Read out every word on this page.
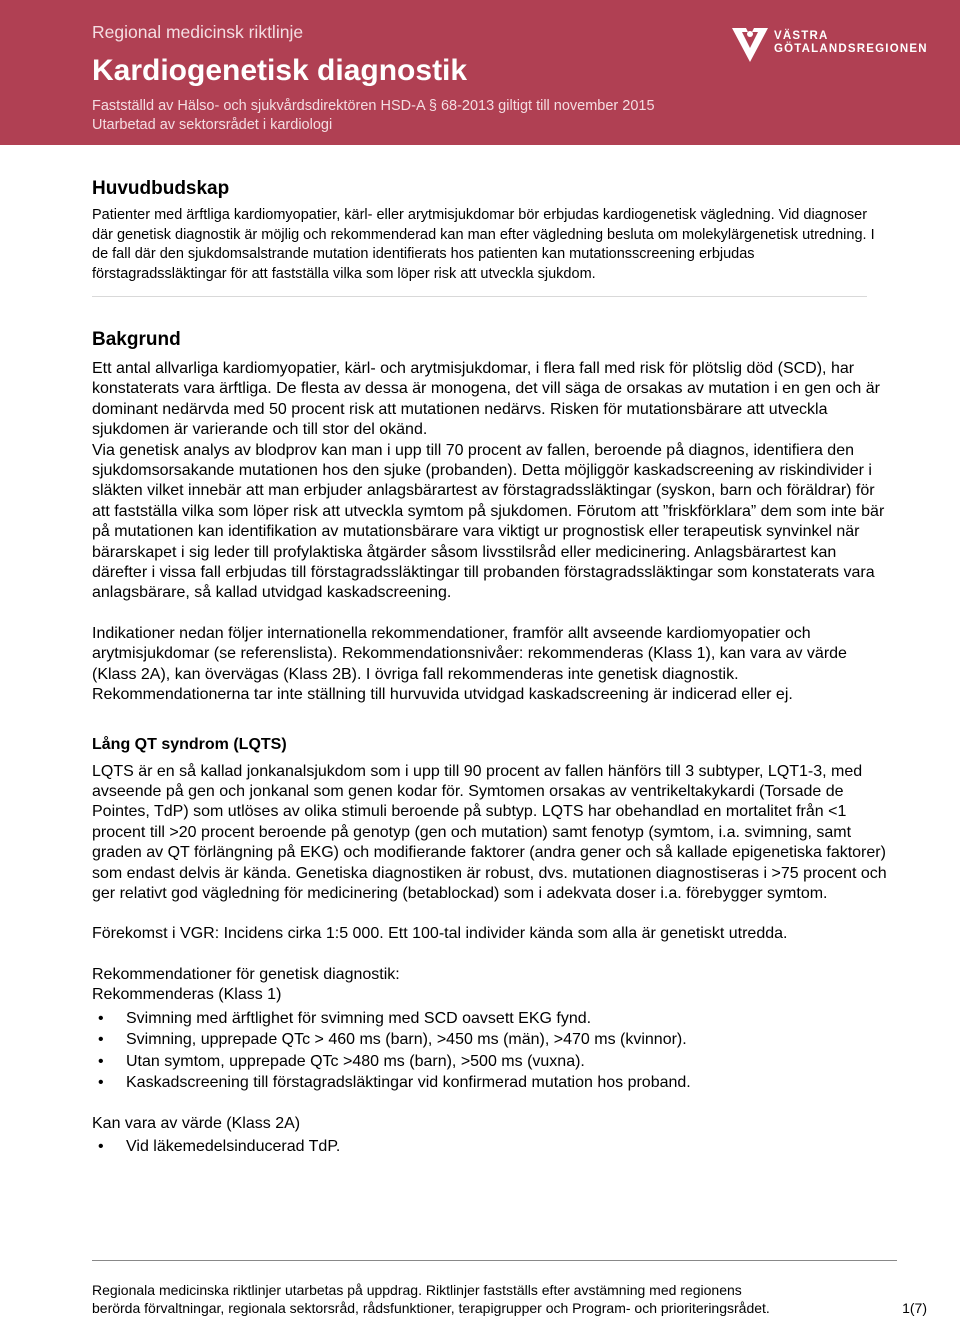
Regional medicinsk riktlinje
Kardiogenetisk diagnostik
Fastställd av Hälso- och sjukvårdsdirektören HSD-A § 68-2013 giltigt till november 2015
Utarbetad av sektorsrådet i kardiologi
VÄSTRA
GÖTALANDSREGIONEN
Huvudbudskap
Patienter med ärftliga kardiomyopatier, kärl- eller arytmisjukdomar bör erbjudas kardiogenetisk vägledning. Vid diagnoser där genetisk diagnostik är möjlig och rekommenderad kan man efter vägledning besluta om molekylärgenetisk utredning. I de fall där den sjukdomsalstrande mutation identifierats hos patienten kan mutationsscreening erbjudas förstagradssläktingar för att fastställa vilka som löper risk att utveckla sjukdom.
Bakgrund

Ett antal allvarliga kardiomyopatier, kärl- och arytmisjukdomar, i flera fall med risk för plötslig död (SCD), har konstaterats vara ärftliga. De flesta av dessa är monogena, det vill säga de orsakas av mutation i en gen och är dominant nedärvda med 50 procent risk att mutationen nedärvs. Risken för mutationsbärare att utveckla sjukdomen är varierande och till stor del okänd.

Via genetisk analys av blodprov kan man i upp till 70 procent av fallen, beroende på diagnos, identifiera den sjukdomsorsakande mutationen hos den sjuke (probanden). Detta möjliggör kaskadscreening av riskindivider i släkten vilket innebär att man erbjuder anlagsbärartest av förstagradssläktingar (syskon, barn och föräldrar) för att fastställa vilka som löper risk att utveckla symtom på sjukdomen. Förutom att ”friskförklara” dem som inte bär på mutationen kan identifikation av mutationsbärare vara viktigt ur prognostisk eller terapeutisk synvinkel när bärarskapet i sig leder till profylaktiska åtgärder såsom livsstilsråd eller medicinering. Anlagsbärartest kan därefter i vissa fall erbjudas till förstagradssläktingar till probanden förstagradssläktingar som konstaterats vara anlagsbärare, så kallad utvidgad kaskadscreening.

Indikationer nedan följer internationella rekommendationer, framför allt avseende kardiomyopatier och arytmisjukdomar (se referenslista). Rekommendationsnivåer: rekommenderas (Klass 1), kan vara av värde (Klass 2A), kan övervägas (Klass 2B). I övriga fall rekommenderas inte genetisk diagnostik. Rekommendationerna tar inte ställning till hurvuvida utvidgad kaskadscreening är indicerad eller ej.

Lång QT syndrom (LQTS)

LQTS är en så kallad jonkanalsjukdom som i upp till 90 procent av fallen hänförs till 3 subtyper, LQT1-3, med avseende på gen och jonkanal som genen kodar för. Symtomen orsakas av ventrikeltakykardi (Torsade de Pointes, TdP) som utlöses av olika stimuli beroende på subtyp. LQTS har obehandlad en mortalitet från <1 procent till >20 procent beroende på genotyp (gen och mutation) samt fenotyp (symtom, i.a. svimning, samt graden av QT förlängning på EKG) och modifierande faktorer (andra gener och så kallade epigenetiska faktorer) som endast delvis är kända. Genetiska diagnostiken är robust, dvs. mutationen diagnostiseras i >75 procent och ger relativt god vägledning för medicinering (betablockad) som i adekvata doser i.a. förebygger symtom.

Förekomst i VGR: Incidens cirka 1:5 000. Ett 100-tal individer kända som alla är genetiskt utredda.

Rekommendationer för genetisk diagnostik:

Rekommenderas (Klass 1)

• Svimning med ärftlighet för svimning med SCD oavsett EKG fynd.
• Svimning, upprepade QTc > 460 ms (barn), >450 ms (män), >470 ms (kvinnor).
• Utan symtom, upprepade QTc >480 ms (barn), >500 ms (vuxna).
• Kaskadscreening till förstagradsläktingar vid konfirmerad mutation hos proband.

Kan vara av värde (Klass 2A)

• Vid läkemedelsinducerad TdP.
Regionala medicinska riktlinjer utarbetas på uppdrag. Riktlinjer fastställs efter avstämning med regionens
berörda förvaltningar, regionala sektorsråd, rådsfunktioner, terapigrupper och Program- och prioriteringsrådet.	1(7)
